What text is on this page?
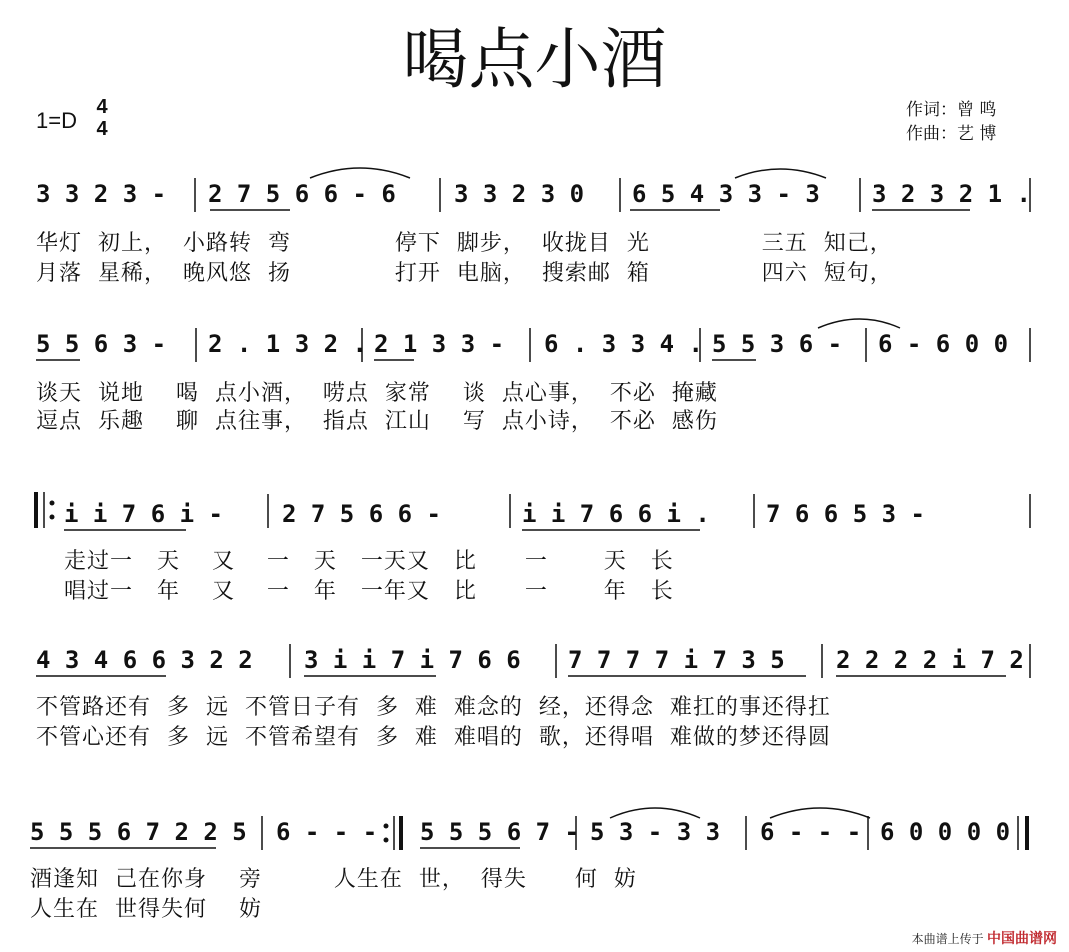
喝点小酒
1=D
4
4
作词：曾 鸣
作曲：艺 博
3 3 2 3 - 2 7 5 6 6 - 6 3 3 2 3 0 6 5 4 3 3 - 3 3 2 3 2 1 .
5 5 6 3 - 2 . 1 3 2 . 2 1 3 3 - 6 . 3 3 4 . 5 5 3 6 - 6 - 6 0 0
i i 7 6 i - 2 7 5 6 6 -	i i 7 6 6 i . 7 6 6 5 3 -
4 3 4 6 6 3 2 2 3 i i 7 i 7 6 6 7 7 7 7 i 7 3 5 2 2 2 2 i 7 2
5 5 5 6 7 2 2 5 6 - - - 5 5 5 6 7 - 5 3 - 3 3 6 - - - 6 0 0 0 0
华灯  初上，  小路转  弯             停下  脚步，  收拢目  光              三五  知己，
月落  星稀，  晚风悠  扬             打开  电脑，  搜索邮  箱              四六  短句，
谈天  说地    喝  点小酒，  唠点  家常    谈  点心事，  不必  掩藏
逗点  乐趣    聊  点往事，  指点  江山    写  点小诗，  不必  感伤
走过一   天    又    一   天   一天又   比      一       天   长
唱过一   年    又    一   年   一年又   比      一       年   长
不管路还有  多  远  不管日子有  多  难  难念的  经，还得念  难扛的事还得扛
不管心还有  多  远  不管希望有  多  难  难唱的  歌，还得唱  难做的梦还得圆
酒逢知  己在你身    旁         人生在  世，  得失      何  妨
人生在  世得失何    妨
本曲谱上传于 中国曲谱网
